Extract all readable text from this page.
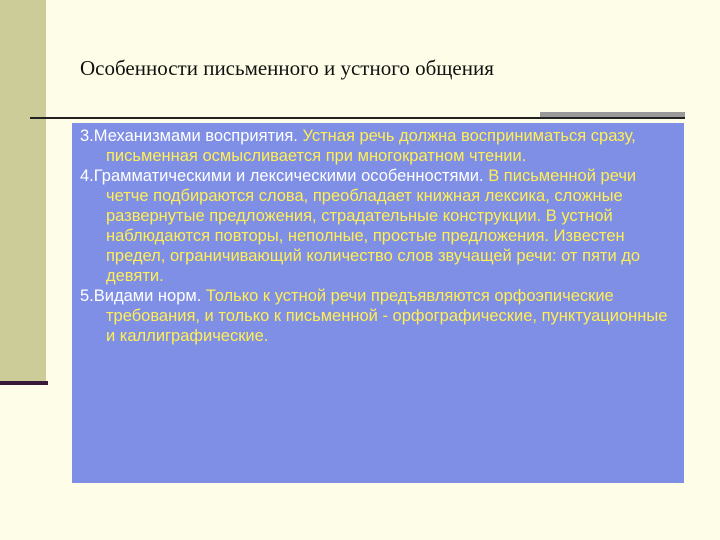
Особенности письменного и устного общения

3.Механизмами восприятия. Устная речь должна восприниматься сразу, письменная осмысливается при многократном чтении.

4.Грамматическими и лексическими особенностями. В письменной речи четче подбираются слова, преобладает книжная лексика, сложные развернутые предложения, страдательные конструкции. В устной наблюдаются повторы, неполные, простые предложения. Известен предел, ограничивающий количество слов звучащей речи: от пяти до девяти.

5.Видами норм. Только к устной речи предъявляются орфоэпические требования, и только к письменной - орфографические, пунктуационные и каллиграфические.
